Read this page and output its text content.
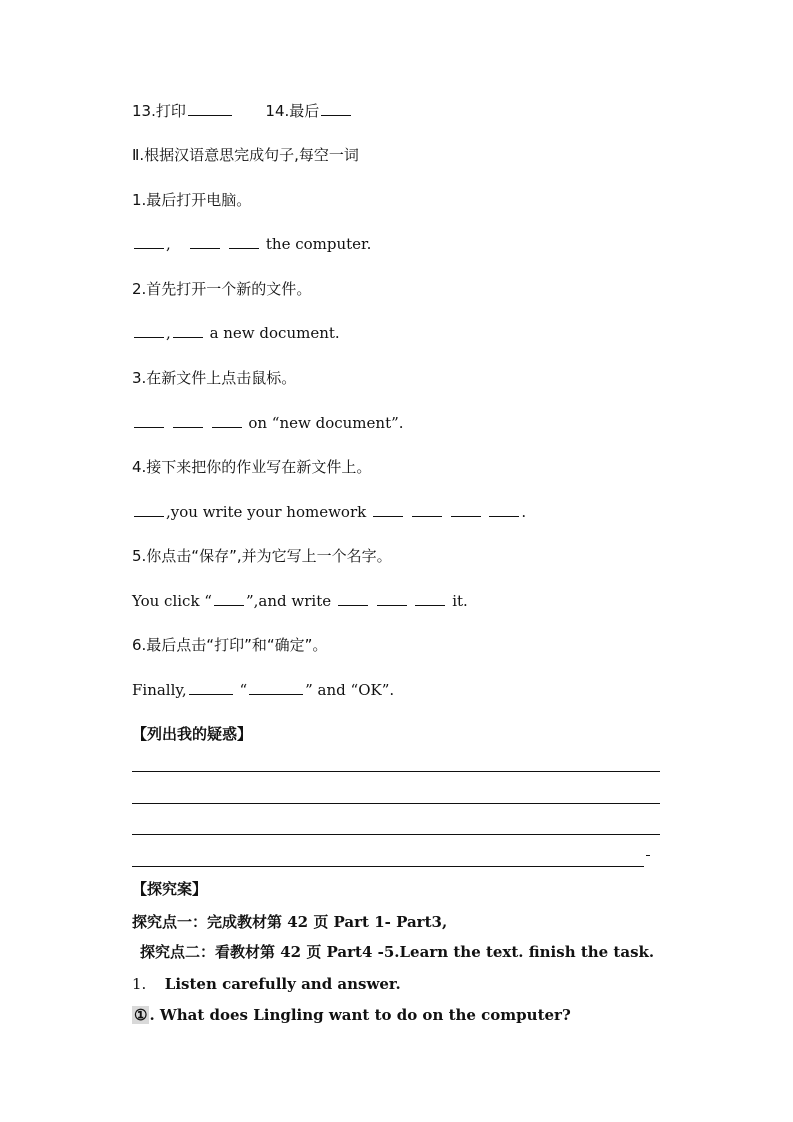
13.打印	14.最后
Ⅱ.根据汉语意思完成句子,每空一词
1.最后打开电脑。
,	the computer.
2.首先打开一个新的文件。
,	a new document.
3.在新文件上点击鼠标。
on “new document”.
4.接下来把你的作业写在新文件上。
,you write your homework	.
5.你点击“保存”,并为它写上一个名字。
You click “ ”,and write	it.
6.最后点击“打印”和“确定”。
Finally,	“	” and “OK”.
【列出我的疑惑】
【探究案】
探究点一：完成教材第 42 页 Part 1- Part3,
探究点二：看教材第 42 页 Part4 -5.Learn the text. finish the task.
1. Listen carefully and answer.
① . What does Lingling want to do on the computer?
